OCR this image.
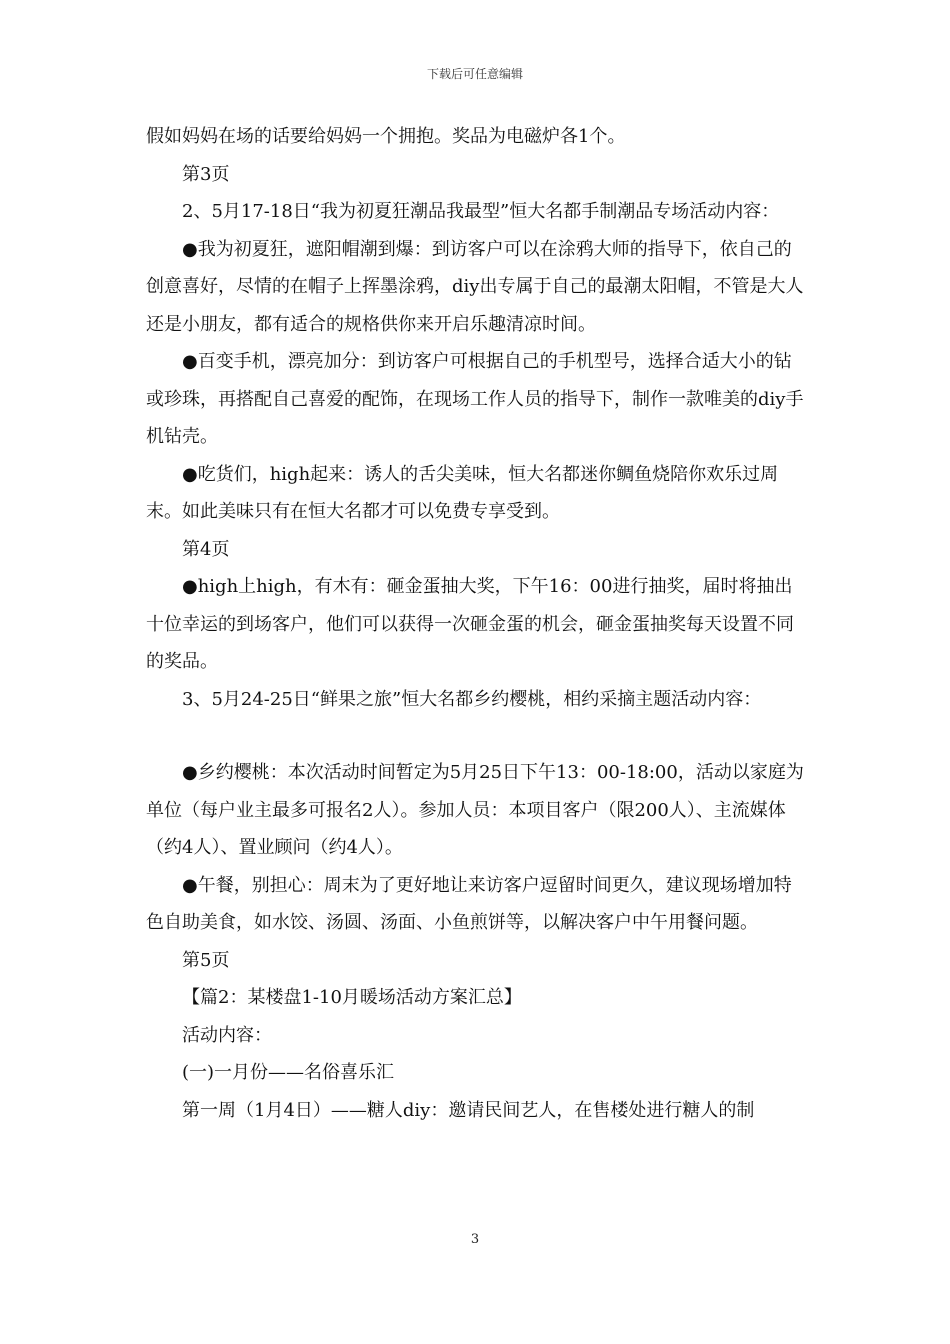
下载后可任意编辑

假如妈妈在场的话要给妈妈一个拥抱。奖品为电磁炉各1个。

第3页

2、5月17-18日“我为初夏狂潮品我最型”恒大名都手制潮品专场活动内容：

●我为初夏狂，遮阳帽潮到爆：到访客户可以在涂鸦大师的指导下，依自己的创意喜好，尽情的在帽子上挥墨涂鸦，diy出专属于自己的最潮太阳帽，不管是大人还是小朋友，都有适合的规格供你来开启乐趣清凉时间。

●百变手机，漂亮加分：到访客户可根据自己的手机型号，选择合适大小的钻或珍珠，再搭配自己喜爱的配饰，在现场工作人员的指导下，制作一款唯美的diy手机钻壳。

●吃货们，high起来：诱人的舌尖美味，恒大名都迷你鲷鱼烧陪你欢乐过周末。如此美味只有在恒大名都才可以免费专享受到。

第4页

●high上high，有木有：砸金蛋抽大奖，下午16：00进行抽奖，届时将抽出十位幸运的到场客户，他们可以获得一次砸金蛋的机会，砸金蛋抽奖每天设置不同的奖品。

3、5月24-25日“鲜果之旅”恒大名都乡约樱桃，相约采摘主题活动内容：

●乡约樱桃：本次活动时间暂定为5月25日下午13：00-18:00，活动以家庭为单位（每户业主最多可报名2人）。参加人员：本项目客户（限200人）、主流媒体（约4人）、置业顾问（约4人）。

●午餐，别担心：周末为了更好地让来访客户逗留时间更久，建议现场增加特色自助美食，如水饺、汤圆、汤面、小鱼煎饼等，以解决客户中午用餐问题。

第5页

【篇2：某楼盘1-10月暖场活动方案汇总】

活动内容：

(一)一月份——名俗喜乐汇

第一周（1月4日）——糖人diy：邀请民间艺人，在售楼处进行糖人的制

3
